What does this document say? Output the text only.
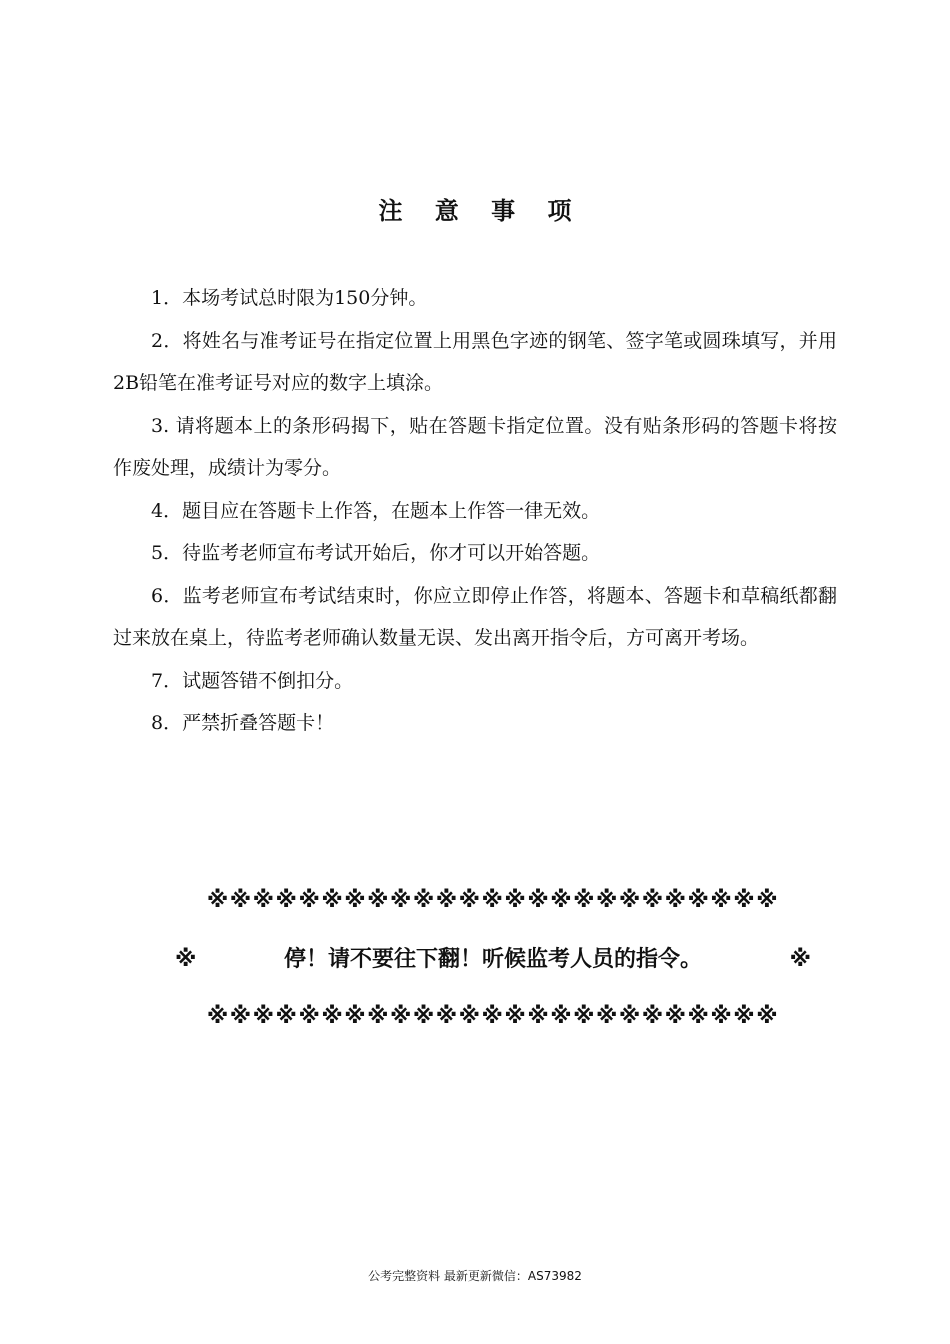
注 意 事 项

1．本场考试总时限为150分钟。

2．将姓名与准考证号在指定位置上用黑色字迹的钢笔、签字笔或圆珠填写，并用2B铅笔在准考证号对应的数字上填涂。

3. 请将题本上的条形码揭下，贴在答题卡指定位置。没有贴条形码的答题卡将按作废处理，成绩计为零分。

4．题目应在答题卡上作答，在题本上作答一律无效。

5．待监考老师宣布考试开始后，你才可以开始答题。

6．监考老师宣布考试结束时，你应立即停止作答，将题本、答题卡和草稿纸都翻过来放在桌上，待监考老师确认数量无误、发出离开指令后，方可离开考场。

7．试题答错不倒扣分。

8．严禁折叠答题卡！

※※※※※※※※※※※※※※※※※※※※※※※※※
※	停！请不要往下翻！听候监考人员的指令。	※
※※※※※※※※※※※※※※※※※※※※※※※※※
公考完整资料 最新更新微信：AS73982
